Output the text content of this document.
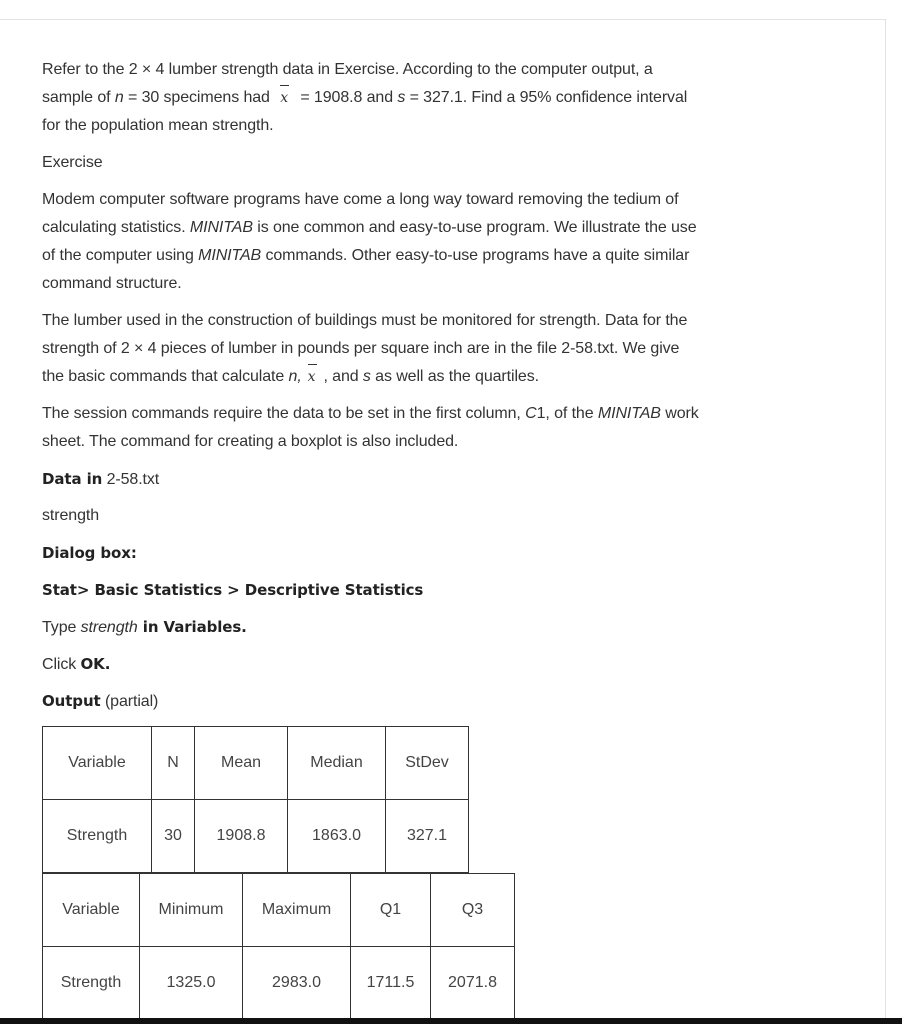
Refer to the 2 × 4 lumber strength data in Exercise. According to the computer output, a
sample of n = 30 specimens had x = 1908.8 and s = 327.1. Find a 95% confidence interval
for the population mean strength.
Exercise
Modem computer software programs have come a long way toward removing the tedium of
calculating statistics. MINITAB is one common and easy-to-use program. We illustrate the use
of the computer using MINITAB commands. Other easy-to-use programs have a quite similar
command structure.
The lumber used in the construction of buildings must be monitored for strength. Data for the
strength of 2 × 4 pieces of lumber in pounds per square inch are in the file 2-58.txt. We give
the basic commands that calculate n, x , and s as well as the quartiles.
The session commands require the data to be set in the first column, C1, of the MINITAB work
sheet. The command for creating a boxplot is also included.
Data in 2-58.txt
strength
Dialog box:
Stat> Basic Statistics > Descriptive Statistics
Type strength in Variables.
Click OK.
Output (partial)
Variable	N	Mean	Median	StDev
Strength	30	1908.8	1863.0	327.1
Variable	Minimum	Maximum	Q1	Q3
Strength	1325.0	2983.0	1711.5	2071.8
